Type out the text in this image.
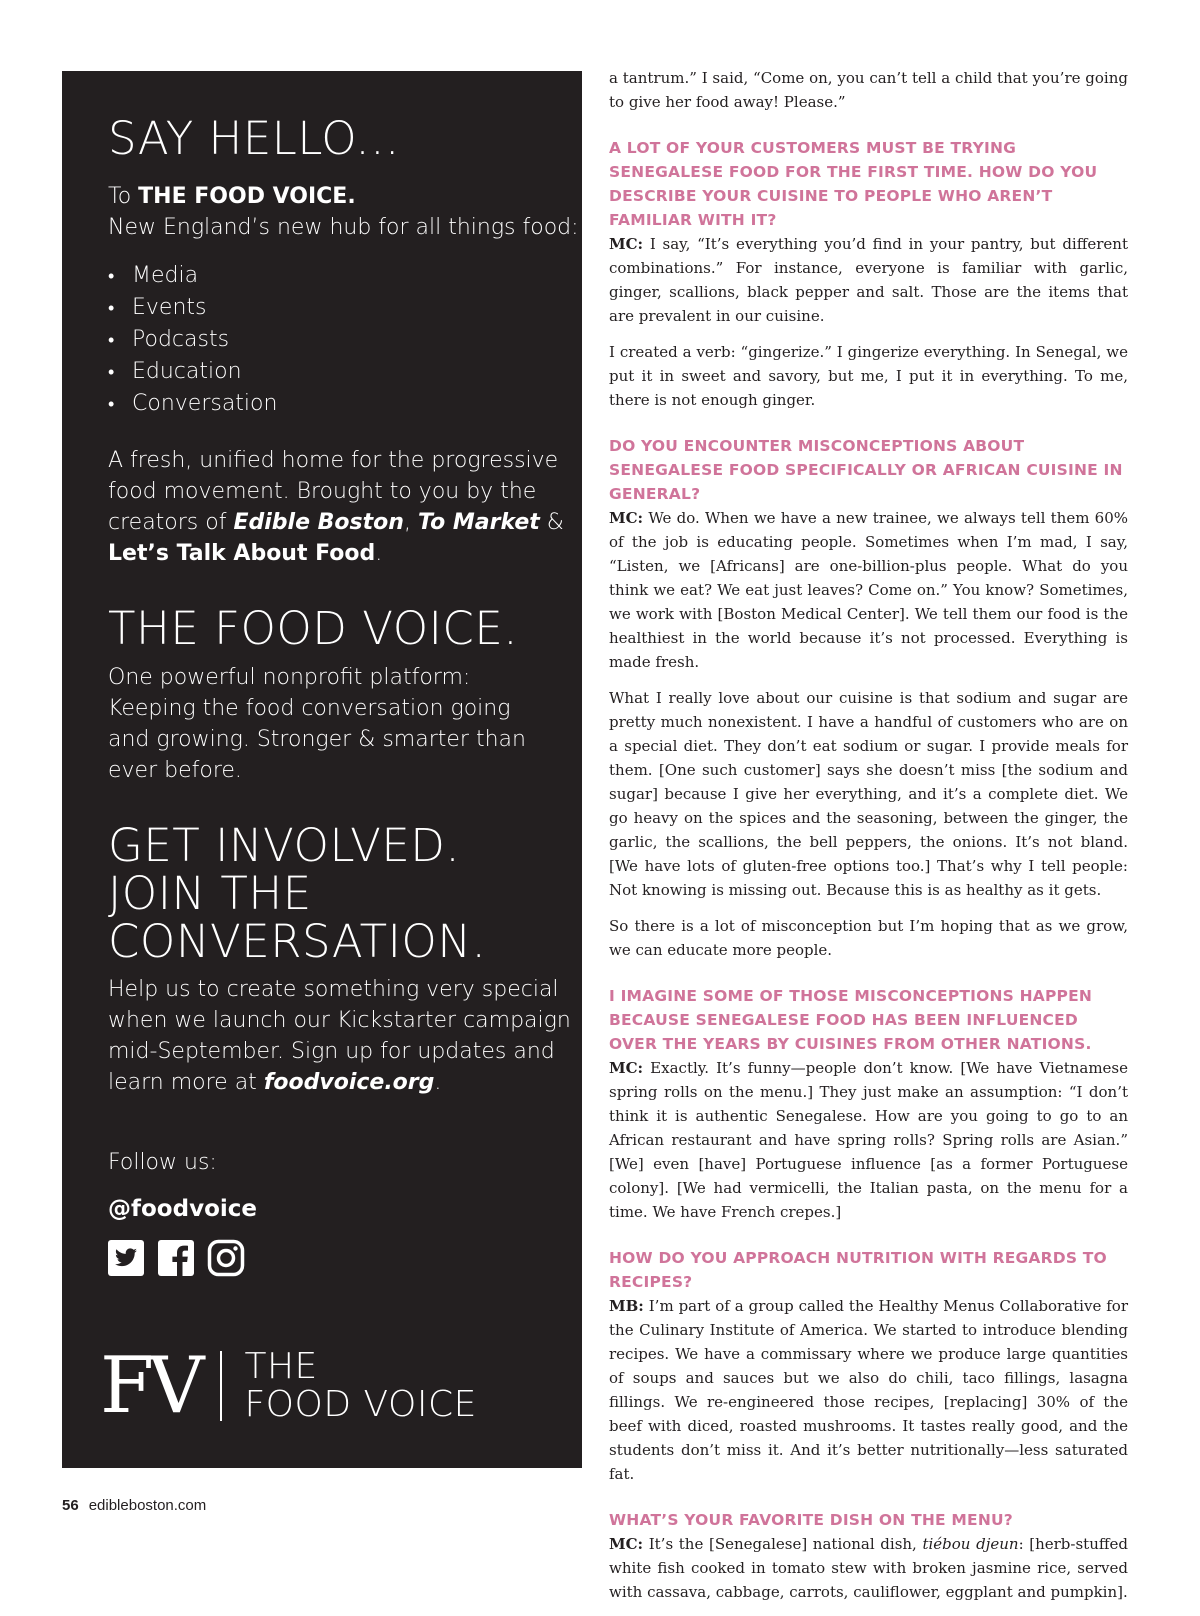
SAY HELLO...
To THE FOOD VOICE.
New England’s new hub for all things food:
• Media
• Events
• Podcasts
• Education
• Conversation
A fresh, unified home for the progressive
food movement. Brought to you by the
creators of Edible Boston, To Market &
Let’s Talk About Food.
THE FOOD VOICE.
One powerful nonprofit platform:
Keeping the food conversation going
and growing. Stronger & smarter than
ever before.
GET INVOLVED.
JOIN THE
CONVERSATION.
Help us to create something very special
when we launch our Kickstarter campaign
mid-September. Sign up for updates and
learn more at foodvoice.org.
Follow us:
@foodvoice
FV	THE
FOOD VOICE

a tantrum.” I said, “Come on, you can’t tell a child that you’re going to give her food away! Please.”

A LOT OF YOUR CUSTOMERS MUST BE TRYING SENEGALESE FOOD FOR THE FIRST TIME. HOW DO YOU DESCRIBE YOUR CUISINE TO PEOPLE WHO AREN’T FAMILIAR WITH IT?

MC: I say, “It’s everything you’d find in your pantry, but different combinations.” For instance, everyone is familiar with garlic, ginger, scallions, black pepper and salt. Those are the items that are prevalent in our cuisine.

I created a verb: “gingerize.” I gingerize everything. In Senegal, we put it in sweet and savory, but me, I put it in everything. To me, there is not enough ginger.

DO YOU ENCOUNTER MISCONCEPTIONS ABOUT SENEGALESE FOOD SPECIFICALLY OR AFRICAN CUISINE IN GENERAL?

MC: We do. When we have a new trainee, we always tell them 60% of the job is educating people. Sometimes when I’m mad, I say, “Listen, we [Africans] are one-billion-plus people. What do you think we eat? We eat just leaves? Come on.” You know? Sometimes, we work with [Boston Medical Center]. We tell them our food is the healthiest in the world because it’s not processed. Everything is made fresh.

What I really love about our cuisine is that sodium and sugar are pretty much nonexistent. I have a handful of customers who are on a special diet. They don’t eat sodium or sugar. I provide meals for them. [One such customer] says she doesn’t miss [the sodium and sugar] because I give her everything, and it’s a complete diet. We go heavy on the spices and the seasoning, between the ginger, the garlic, the scallions, the bell peppers, the onions. It’s not bland. [We have lots of gluten-free options too.] That’s why I tell people: Not knowing is missing out. Because this is as healthy as it gets.

So there is a lot of misconception but I’m hoping that as we grow, we can educate more people.

I IMAGINE SOME OF THOSE MISCONCEPTIONS HAPPEN BECAUSE SENEGALESE FOOD HAS BEEN INFLUENCED OVER THE YEARS BY CUISINES FROM OTHER NATIONS.

MC: Exactly. It’s funny—people don’t know. [We have Vietnamese spring rolls on the menu.] They just make an assumption: “I don’t think it is authentic Senegalese. How are you going to go to an African restaurant and have spring rolls? Spring rolls are Asian.” [We] even [have] Portuguese influence [as a former Portuguese colony]. [We had vermicelli, the Italian pasta, on the menu for a time. We have French crepes.]

HOW DO YOU APPROACH NUTRITION WITH REGARDS TO RECIPES?

MB: I’m part of a group called the Healthy Menus Collaborative for the Culinary Institute of America. We started to introduce blending recipes. We have a commissary where we produce large quantities of soups and sauces but we also do chili, taco fillings, lasagna fillings. We re-engineered those recipes, [replacing] 30% of the beef with diced, roasted mushrooms. It tastes really good, and the students don’t miss it. And it’s better nutritionally—less saturated fat.

WHAT’S YOUR FAVORITE DISH ON THE MENU?

MC: It’s the [Senegalese] national dish, tiébou djeun: [herb-stuffed white fish cooked in tomato stew with broken jasmine rice, served with cassava, cabbage, carrots, cauliflower, eggplant and pumpkin].

56 edibleboston.com
